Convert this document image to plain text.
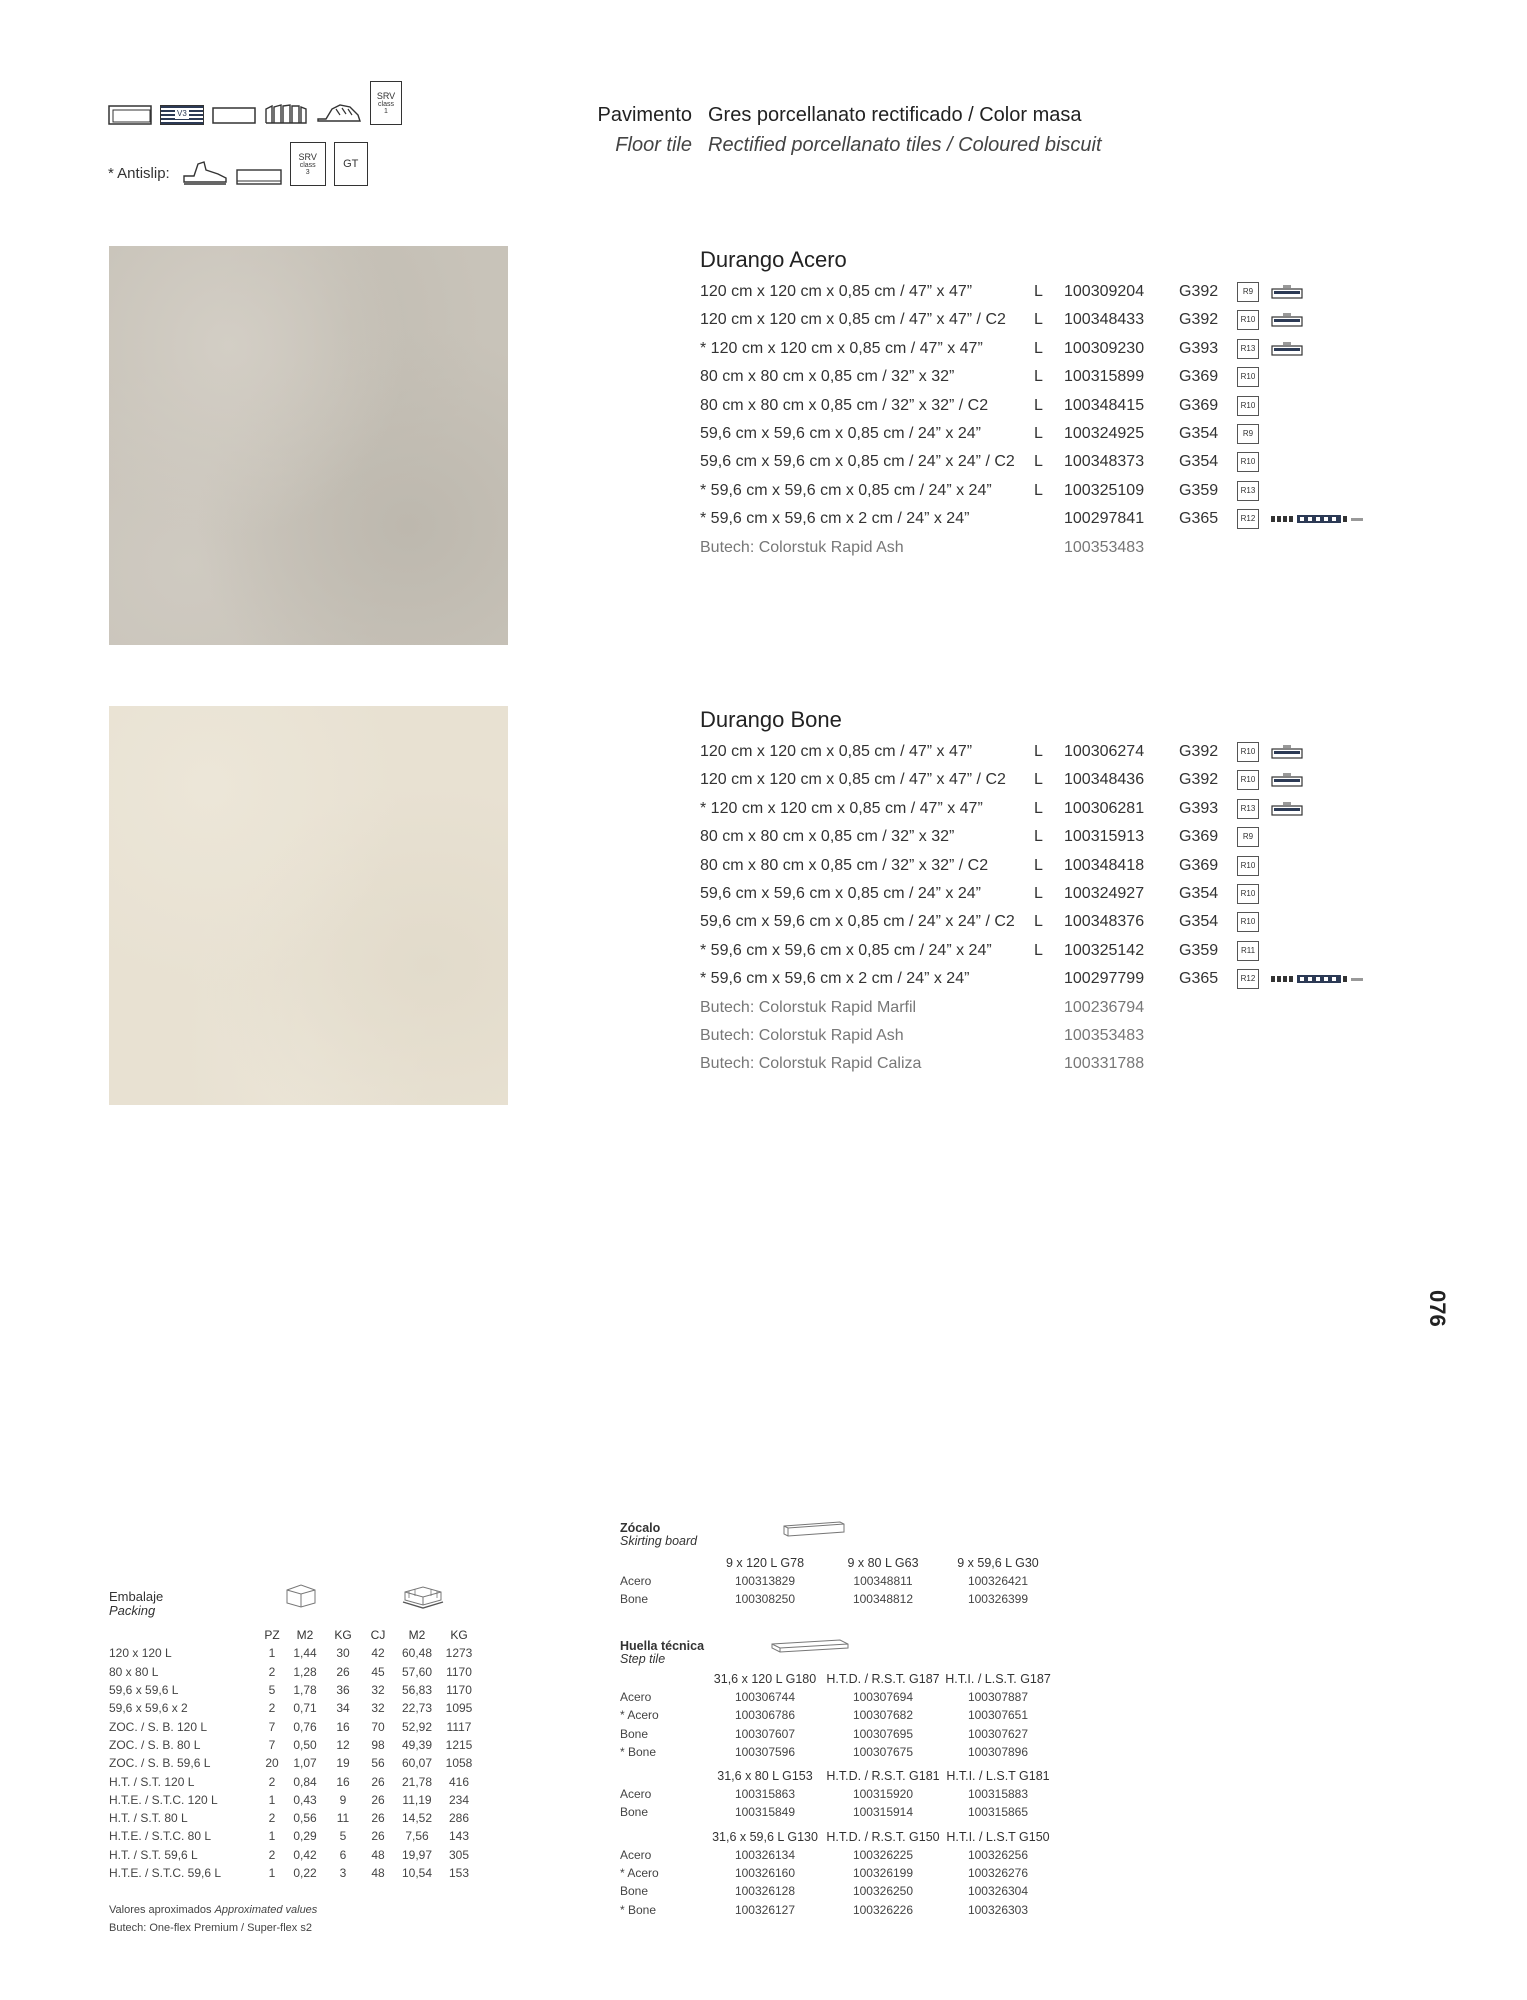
V3
SRV
class
1
* Antislip:
SRV
class
3
GT
Pavimento Gres porcellanato rectificado / Color masa
Floor tile Rectified porcellanato tiles / Coloured biscuit
Durango Acero
120 cm x 120 cm x 0,85 cm / 47” x 47”	L 100309204 G392	R9
120 cm x 120 cm x 0,85 cm / 47” x 47” / C2 L 100348433 G392	R10
* 120 cm x 120 cm x 0,85 cm / 47” x 47”	L 100309230 G393	R13
80 cm x 80 cm x 0,85 cm / 32” x 32”	L 100315899 G369	R10
80 cm x 80 cm x 0,85 cm / 32” x 32” / C2	L 100348415 G369	R10
59,6 cm x 59,6 cm x 0,85 cm / 24” x 24”	L 100324925 G354	R9
59,6 cm x 59,6 cm x 0,85 cm / 24” x 24” / C2 L 100348373 G354	R10
* 59,6 cm x 59,6 cm x 0,85 cm / 24” x 24”	L 100325109 G359	R13
* 59,6 cm x 59,6 cm x 2 cm / 24” x 24”	100297841 G365	R12
Butech: Colorstuk Rapid Ash	100353483
Durango Bone
120 cm x 120 cm x 0,85 cm / 47” x 47”	L 100306274 G392	R10
120 cm x 120 cm x 0,85 cm / 47” x 47” / C2 L 100348436 G392	R10
* 120 cm x 120 cm x 0,85 cm / 47” x 47”	L 100306281 G393	R13
80 cm x 80 cm x 0,85 cm / 32” x 32”	L 100315913 G369	R9
80 cm x 80 cm x 0,85 cm / 32” x 32” / C2	L 100348418 G369	R10
59,6 cm x 59,6 cm x 0,85 cm / 24” x 24”	L 100324927 G354	R10
59,6 cm x 59,6 cm x 0,85 cm / 24” x 24” / C2 L 100348376 G354	R10
* 59,6 cm x 59,6 cm x 0,85 cm / 24” x 24”	L 100325142 G359	R11
* 59,6 cm x 59,6 cm x 2 cm / 24” x 24”	100297799 G365	R12
Butech: Colorstuk Rapid Marfil	100236794
Butech: Colorstuk Rapid Ash	100353483
Butech: Colorstuk Rapid Caliza	100331788
076
Embalaje
Packing
	PZ	M2	KG	CJ	M2	KG
120 x 120 L	1	1,44	30	42	60,48	1273
80 x 80 L	2	1,28	26	45	57,60	1170
59,6 x 59,6 L	5	1,78	36	32	56,83	1170
59,6 x 59,6 x 2	2	0,71	34	32	22,73	1095
ZOC. / S. B. 120 L	7	0,76	16	70	52,92	1117
ZOC. / S. B. 80 L	7	0,50	12	98	49,39	1215
ZOC. / S. B. 59,6 L	20	1,07	19	56	60,07	1058
H.T. / S.T. 120 L	2	0,84	16	26	21,78	416
H.T.E. / S.T.C. 120 L	1	0,43	9	26	11,19	234
H.T. / S.T. 80 L	2	0,56	11	26	14,52	286
H.T.E. / S.T.C. 80 L	1	0,29	5	26	7,56	143
H.T. / S.T. 59,6 L	2	0,42	6	48	19,97	305
H.T.E. / S.T.C. 59,6 L	1	0,22	3	48	10,54	153
Valores aproximados Approximated values
Butech: One-flex Premium / Super-flex s2
Zócalo
Skirting board
9 x 120 L G78	9 x 80 L G63	9 x 59,6 L G30
Acero	100313829	100348811	100326421
Bone	100308250	100348812	100326399
Huella técnica
Step tile
31,6 x 120 L G180 H.T.D. / R.S.T. G187 H.T.I. / L.S.T. G187
Acero	100306744	100307694	100307887
* Acero	100306786	100307682	100307651
Bone	100307607	100307695	100307627
* Bone	100307596	100307675	100307896
31,6 x 80 L G153	H.T.D. / R.S.T. G181 H.T.I. / L.S.T G181
Acero	100315863	100315920	100315883
Bone	100315849	100315914	100315865
31,6 x 59,6 L G130 H.T.D. / R.S.T. G150 H.T.I. / L.S.T G150
Acero	100326134	100326225	100326256
* Acero	100326160	100326199	100326276
Bone	100326128	100326250	100326304
* Bone	100326127	100326226	100326303
